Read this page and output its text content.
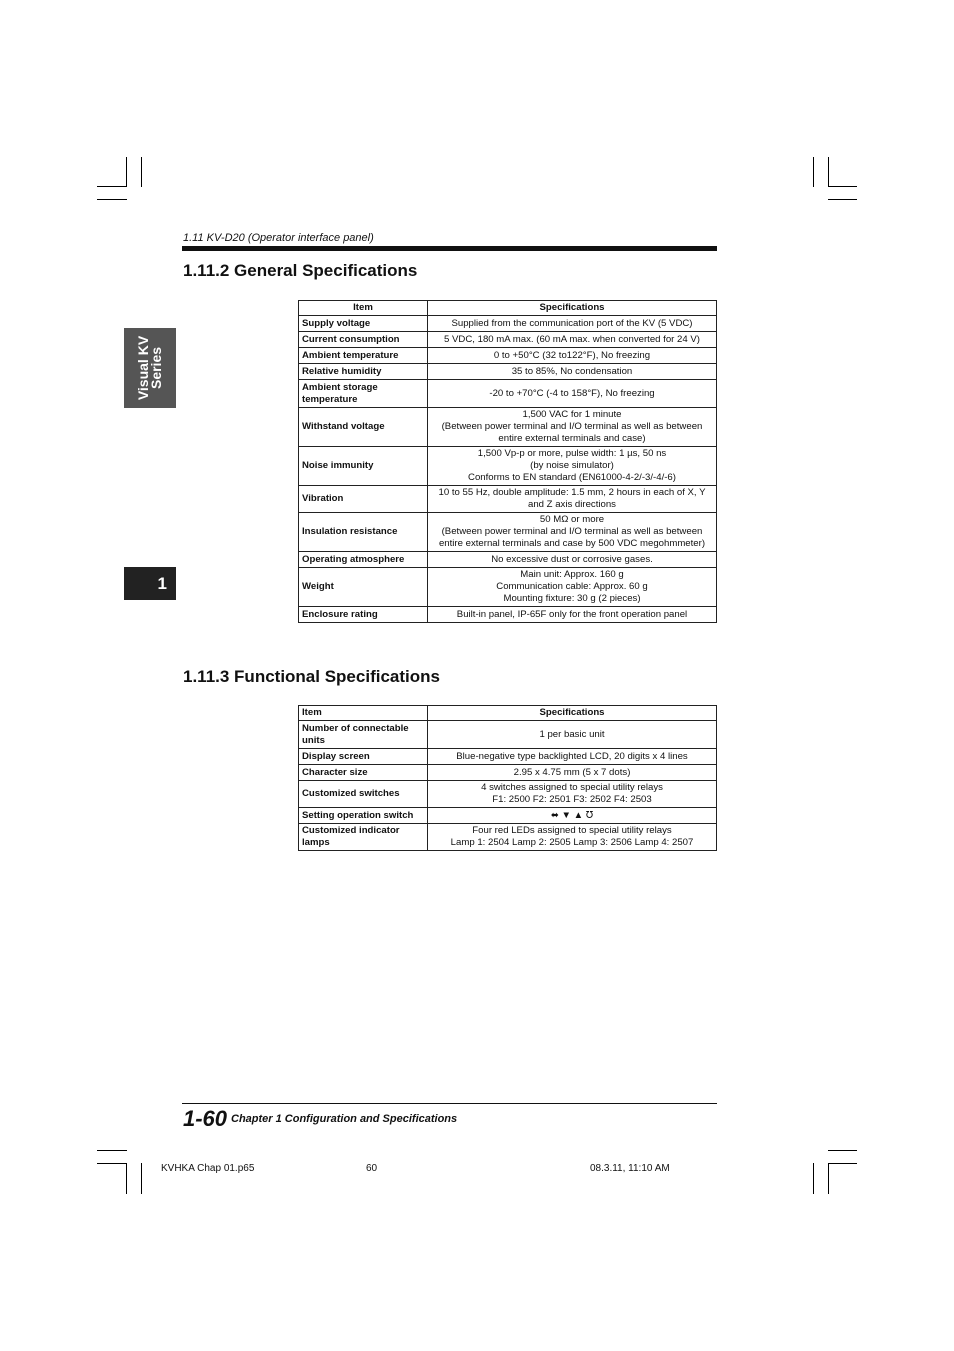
1.11 KV-D20 (Operator interface panel)
Visual KV
Series
1
1.11.2 General Specifications
Item	Specifications
Supply voltage	Supplied from the communication port of the KV (5 VDC)
Current consumption	5 VDC, 180 mA max. (60 mA max. when converted for 24 V)
Ambient temperature	0 to +50°C (32 to122°F), No freezing
Relative humidity	35 to 85%, No condensation
Ambient storage temperature	-20 to +70°C (-4 to 158°F), No freezing
Withstand voltage	1,500 VAC for 1 minute
(Between power terminal and I/O terminal as well as between entire external terminals and case)
Noise immunity	1,500 Vp-p or more, pulse width: 1 µs, 50 ns
(by noise simulator)
Conforms to EN standard (EN61000-4-2/-3/-4/-6)
Vibration	10 to 55 Hz, double amplitude: 1.5 mm, 2 hours in each of X, Y and Z axis directions
Insulation resistance	50 MΩ or more
(Between power terminal and I/O terminal as well as between entire external terminals and case by 500 VDC megohmmeter)
Operating atmosphere	No excessive dust or corrosive gases.
Weight	Main unit: Approx. 160 g
Communication cable: Approx. 60 g
Mounting fixture: 30 g (2 pieces)
Enclosure rating	Built-in panel, IP-65F only for the front operation panel
1.11.3 Functional Specifications
Item	Specifications
Number of connectable units	1 per basic unit
Display screen	Blue-negative type backlighted LCD, 20 digits x 4 lines
Character size	2.95 x 4.75 mm (5 x 7 dots)
Customized switches	4 switches assigned to special utility relays
F1: 2500 F2: 2501 F3: 2502 F4: 2503
Setting operation switch	⬌ ▼ ▲ ℧
Customized indicator lamps	Four red LEDs assigned to special utility relays
Lamp 1: 2504 Lamp 2: 2505 Lamp 3: 2506 Lamp 4: 2507
1-60 Chapter 1 Configuration and Specifications
KVHKA Chap 01.p65	60	08.3.11, 11:10 AM
